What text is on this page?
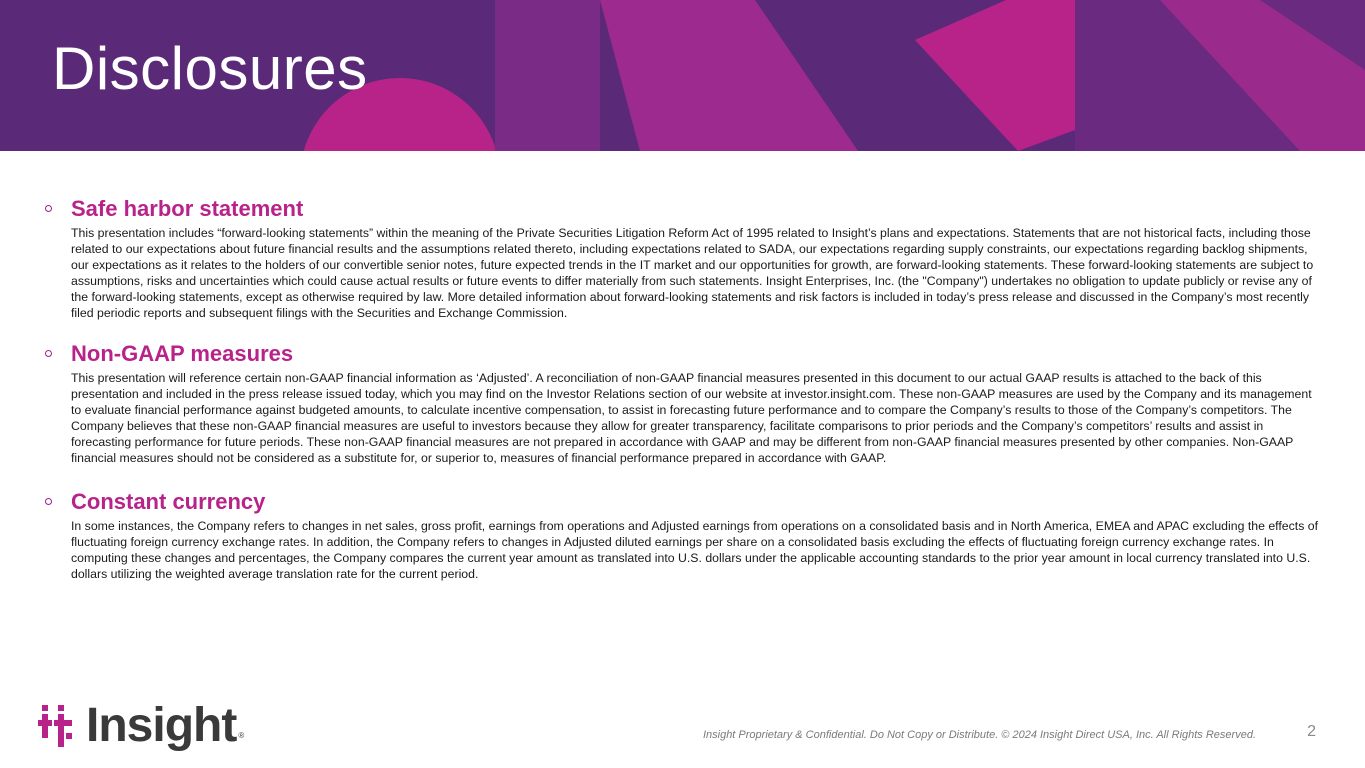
Disclosures
Safe harbor statement

This presentation includes “forward-looking statements” within the meaning of the Private Securities Litigation Reform Act of 1995 related to Insight’s plans and expectations. Statements that are not historical facts, including those related to our expectations about future financial results and the assumptions related thereto, including expectations related to SADA, our expectations regarding supply constraints, our expectations regarding backlog shipments, our expectations as it relates to the holders of our convertible senior notes, future expected trends in the IT market and our opportunities for growth, are forward-looking statements. These forward-looking statements are subject to assumptions, risks and uncertainties which could cause actual results or future events to differ materially from such statements. Insight Enterprises, Inc. (the "Company") undertakes no obligation to update publicly or revise any of the forward-looking statements, except as otherwise required by law. More detailed information about forward-looking statements and risk factors is included in today’s press release and discussed in the Company’s most recently filed periodic reports and subsequent filings with the Securities and Exchange Commission.

Non-GAAP measures

This presentation will reference certain non-GAAP financial information as ‘Adjusted’. A reconciliation of non-GAAP financial measures presented in this document to our actual GAAP results is attached to the back of this presentation and included in the press release issued today, which you may find on the Investor Relations section of our website at investor.insight.com. These non-GAAP measures are used by the Company and its management to evaluate financial performance against budgeted amounts, to calculate incentive compensation, to assist in forecasting future performance and to compare the Company’s results to those of the Company’s competitors. The Company believes that these non-GAAP financial measures are useful to investors because they allow for greater transparency, facilitate comparisons to prior periods and the Company’s competitors’ results and assist in forecasting performance for future periods. These non-GAAP financial measures are not prepared in accordance with GAAP and may be different from non-GAAP financial measures presented by other companies. Non-GAAP financial measures should not be considered as a substitute for, or superior to, measures of financial performance prepared in accordance with GAAP.

Constant currency

In some instances, the Company refers to changes in net sales, gross profit, earnings from operations and Adjusted earnings from operations on a consolidated basis and in North America, EMEA and APAC excluding the effects of fluctuating foreign currency exchange rates. In addition, the Company refers to changes in Adjusted diluted earnings per share on a consolidated basis excluding the effects of fluctuating foreign currency exchange rates. In computing these changes and percentages, the Company compares the current year amount as translated into U.S. dollars under the applicable accounting standards to the prior year amount in local currency translated into U.S. dollars utilizing the weighted average translation rate for the current period.

Insight ®	Insight Proprietary & Confidential. Do Not Copy or Distribute. © 2024 Insight Direct USA, Inc. All Rights Reserved.	2
